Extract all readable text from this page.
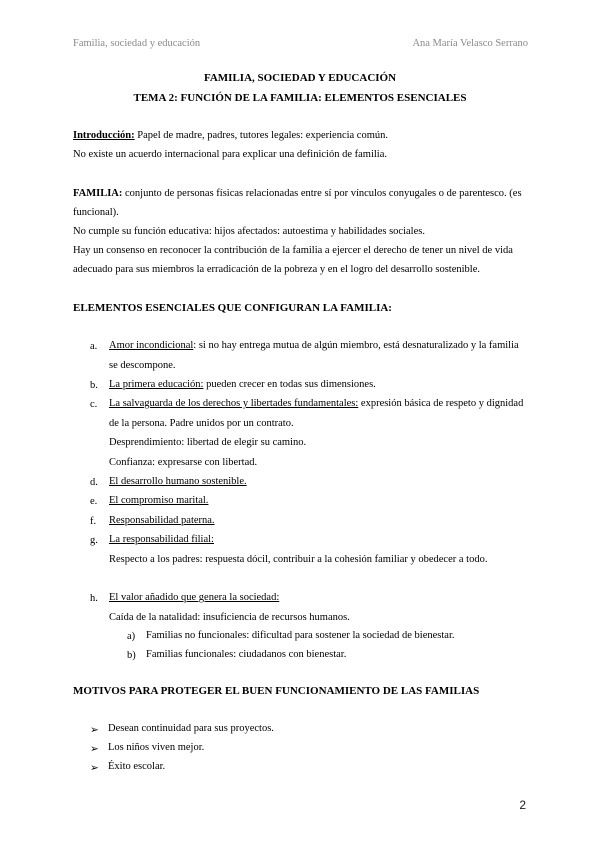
Familia, sociedad y educación	Ana María Velasco Serrano
FAMILIA, SOCIEDAD Y EDUCACIÓN
TEMA 2: FUNCIÓN DE LA FAMILIA: ELEMENTOS ESENCIALES
Introducción: Papel de madre, padres, tutores legales: experiencia común.
No existe un acuerdo internacional para explicar una definición de familia.
FAMILIA: conjunto de personas físicas relacionadas entre sí por vínculos conyugales o de parentesco. (es funcional).
No cumple su función educativa: hijos afectados: autoestima y habilidades sociales.
Hay un consenso en reconocer la contribución de la familia a ejercer el derecho de tener un nivel de vida adecuado para sus miembros la erradicación de la pobreza y en el logro del desarrollo sostenible.
ELEMENTOS ESENCIALES QUE CONFIGURAN LA FAMILIA:
a. Amor incondicional: si no hay entrega mutua de algún miembro, está desnaturalizado y la familia se descompone.
b. La primera educación: pueden crecer en todas sus dimensiones.
c. La salvaguarda de los derechos y libertades fundamentales: expresión básica de respeto y dignidad de la persona. Padre unidos por un contrato.
Desprendimiento: libertad de elegir su camino.
Confianza: expresarse con libertad.
d. El desarrollo humano sostenible.
e. El compromiso marital.
f. Responsabilidad paterna.
g. La responsabilidad filial:
Respecto a los padres: respuesta dócil, contribuir a la cohesión familiar y obedecer a todo.
h. El valor añadido que genera la sociedad:
Caída de la natalidad: insuficiencia de recursos humanos.
a) Familias no funcionales: dificultad para sostener la sociedad de bienestar.
b) Familias funcionales: ciudadanos con bienestar.
MOTIVOS PARA PROTEGER EL BUEN FUNCIONAMIENTO DE LAS FAMILIAS
➢ Desean continuidad para sus proyectos.
➢ Los niños viven mejor.
➢ Éxito escolar.
2
